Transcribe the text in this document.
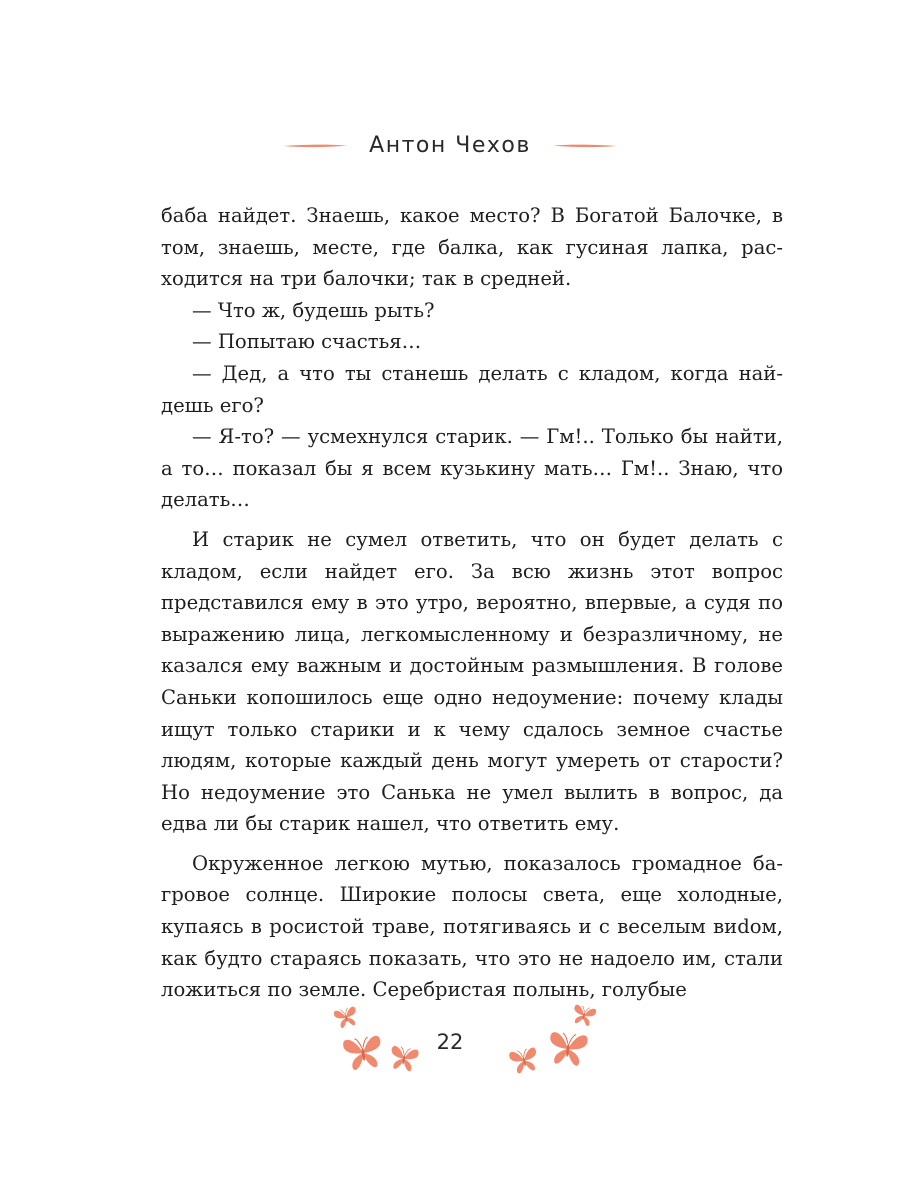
Антон Чехов

баба найдет. Знаешь, какое место? В Богатой Балочке, в том, знаешь, месте, где балка, как гусиная лапка, расходится на три балочки; так в средней.

— Что ж, будешь рыть?

— Попытаю счастья…

— Дед, а что ты станешь делать с кладом, когда найдешь его?

— Я-то? — усмехнулся старик. — Гм!.. Только бы найти, а то… показал бы я всем кузькину мать… Гм!.. Знаю, что делать…

И старик не сумел ответить, что он будет делать с кладом, если найдет его. За всю жизнь этот вопрос представился ему в это утро, вероятно, впервые, а судя по выражению лица, легкомысленному и безразличному, не казался ему важным и достойным размышления. В голове Саньки копошилось еще одно недоумение: почему клады ищут только старики и к чему сдалось земное счастье людям, которые каждый день могут умереть от старости? Но недоумение это Санька не умел вылить в вопрос, да едва ли бы старик нашел, что ответить ему.

Окруженное легкою мутью, показалось громадное багровое солнце. Широкие полосы света, еще холодные, купаясь в росистой траве, потягиваясь и с веселым виdом, как будто стараясь показать, что это не надоело им, стали ложиться по земле. Серебристая полынь, голубые

22
